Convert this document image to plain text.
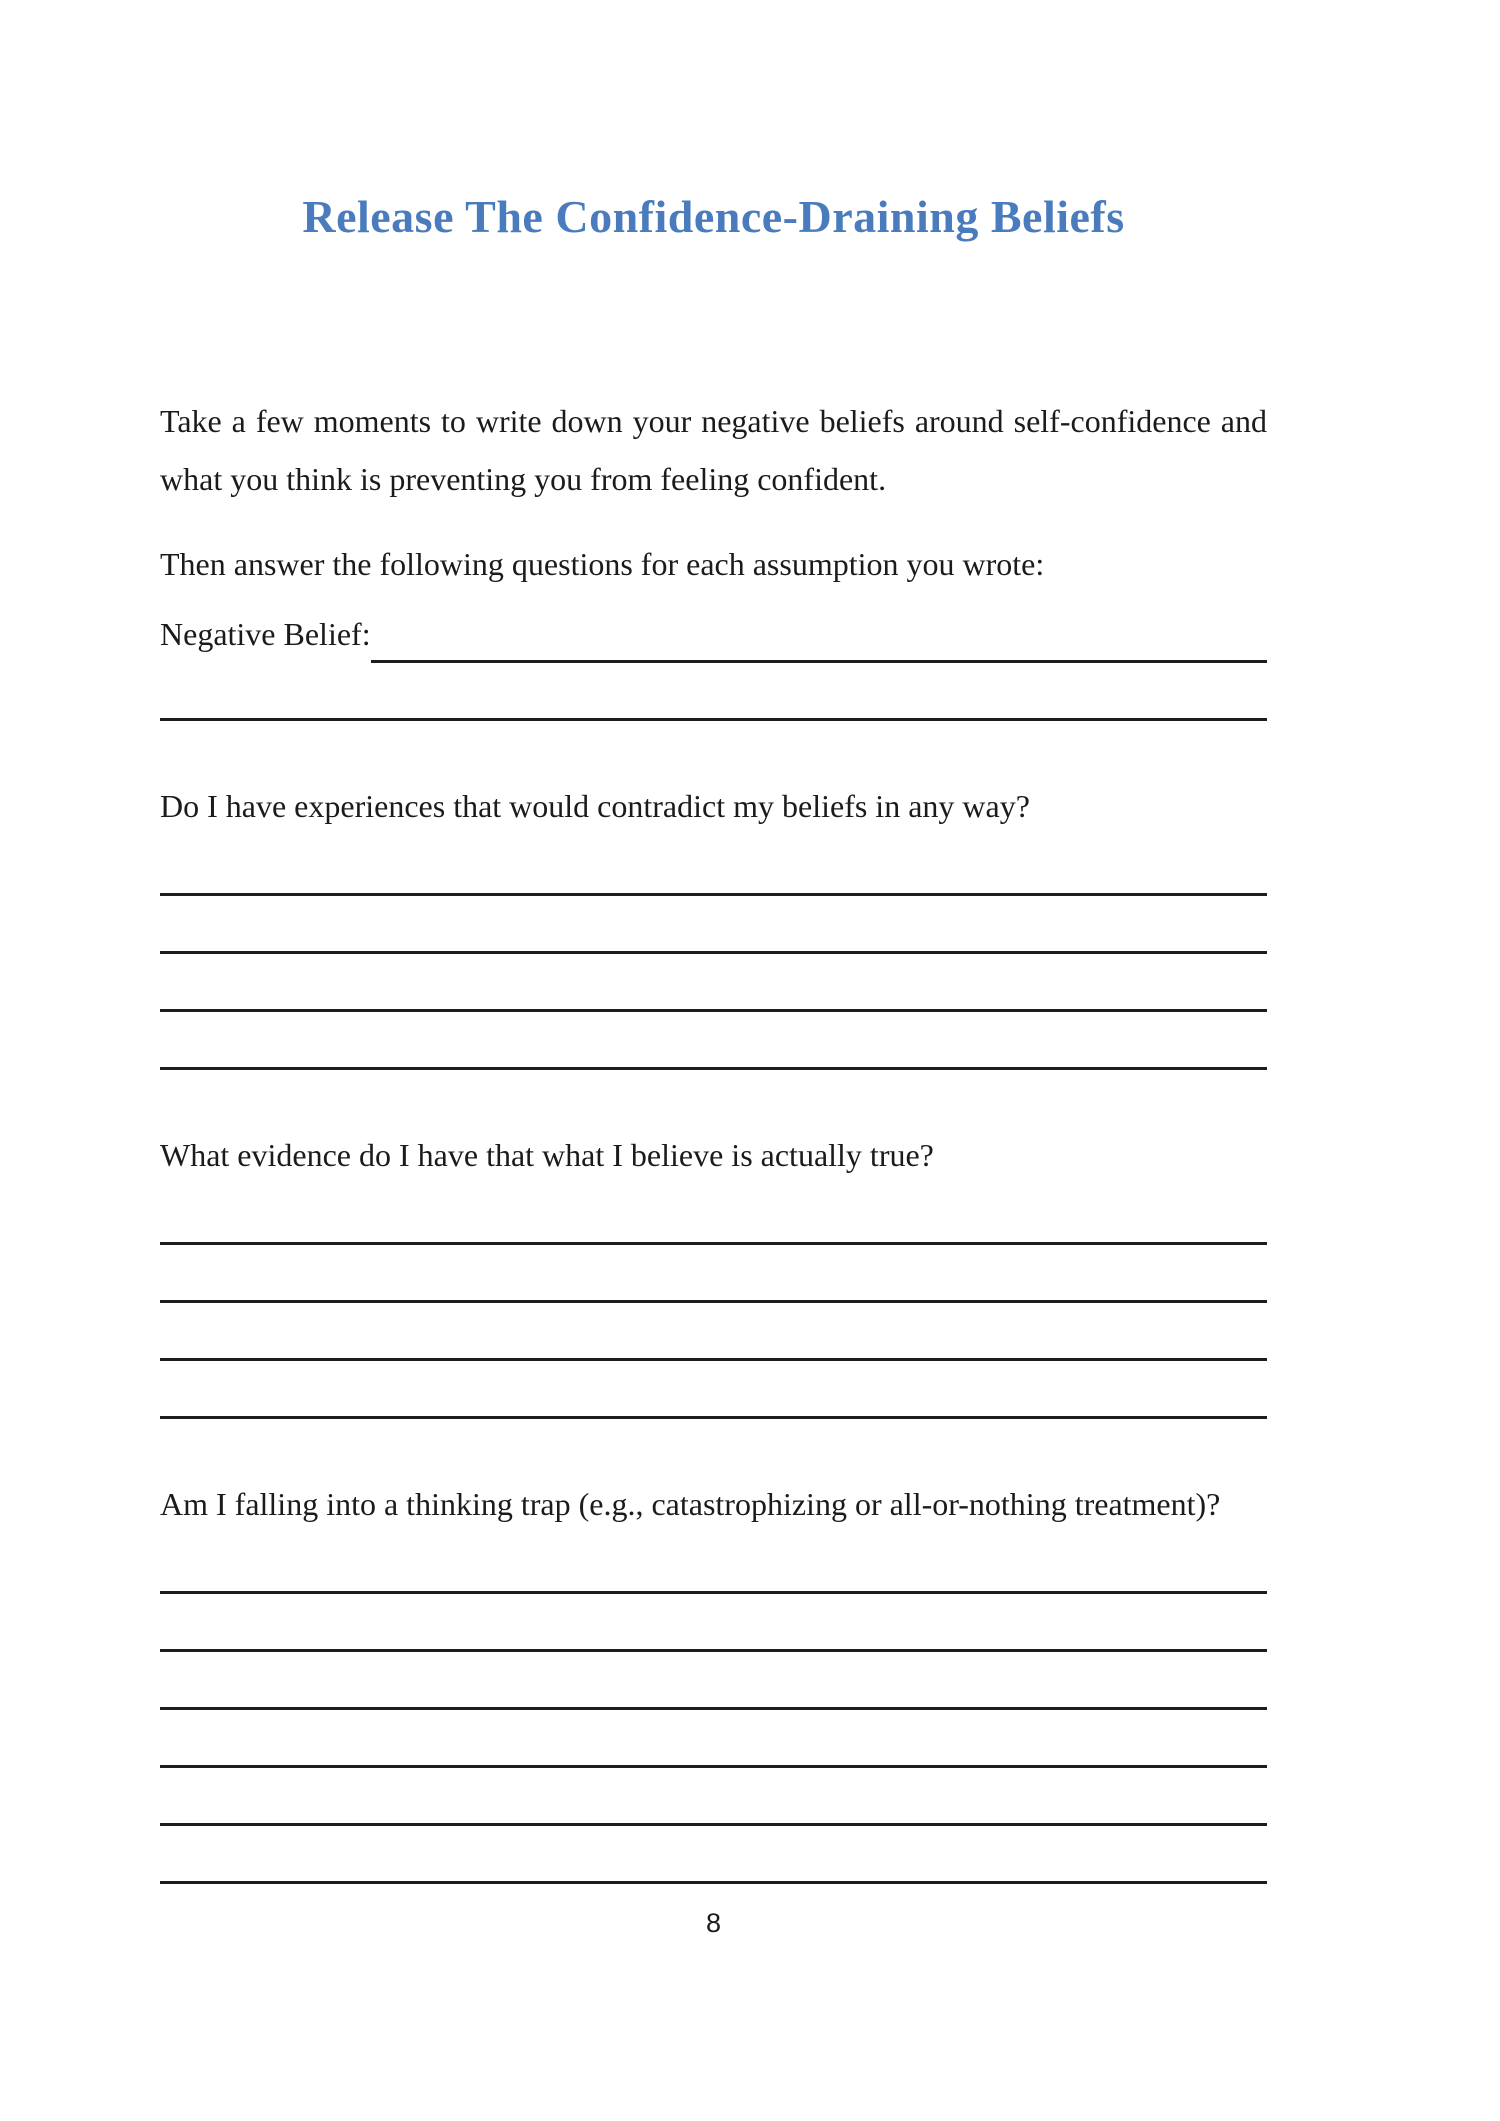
Release The Confidence-Draining Beliefs

Take a few moments to write down your negative beliefs around self-confidence and what you think is preventing you from feeling confident.

Then answer the following questions for each assumption you wrote:

Negative Belief:

Do I have experiences that would contradict my beliefs in any way?

What evidence do I have that what I believe is actually true?

Am I falling into a thinking trap (e.g., catastrophizing or all-or-nothing treatment)?

8
